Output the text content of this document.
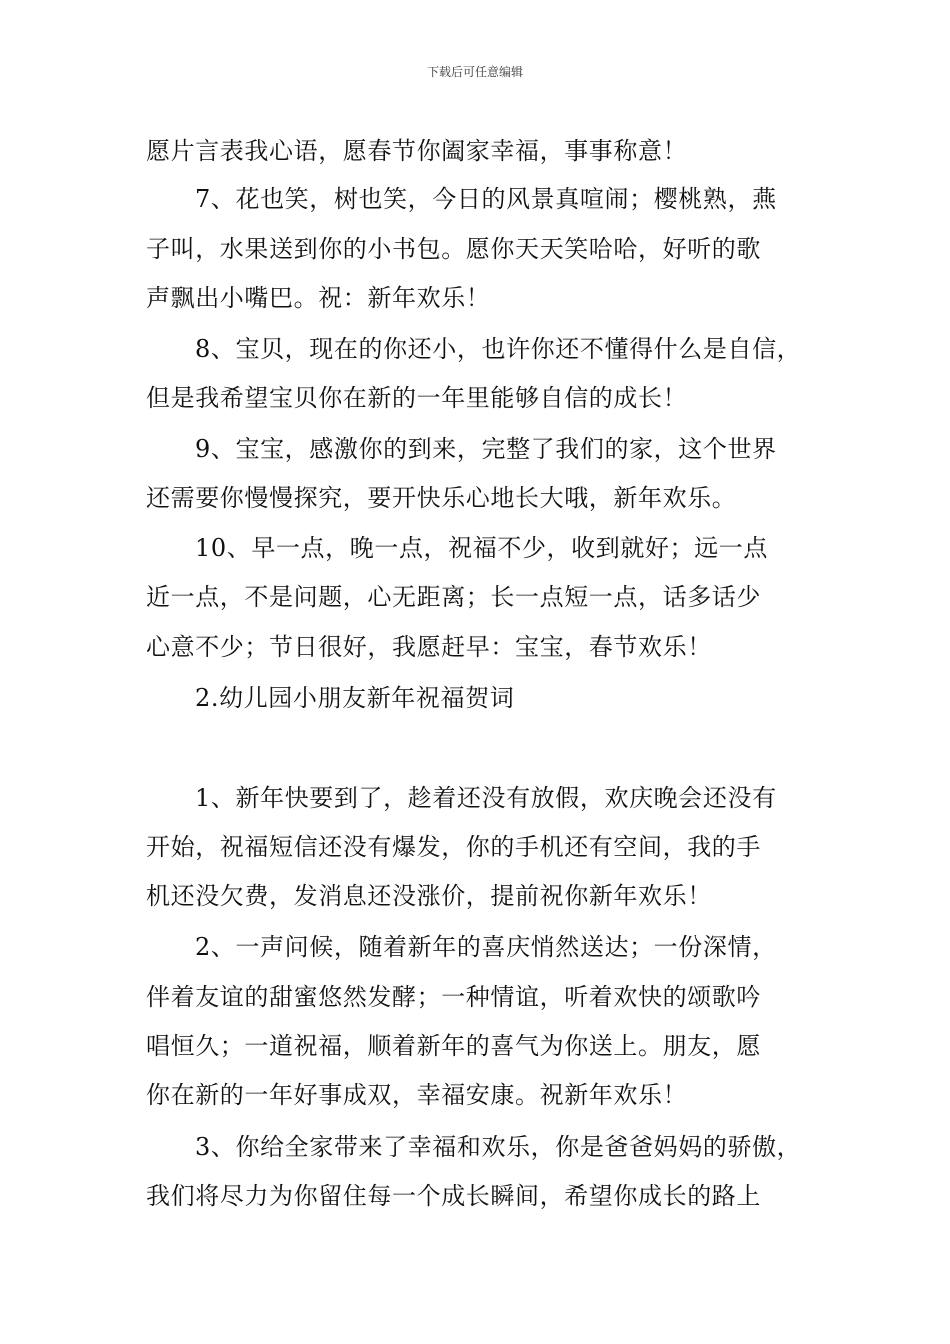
下载后可任意编辑
愿片言表我心语，愿春节你阖家幸福，事事称意！
7、花也笑，树也笑，今日的风景真喧闹；樱桃熟，燕
子叫，水果送到你的小书包。愿你天天笑哈哈，好听的歌
声飘出小嘴巴。祝：新年欢乐！
8、宝贝，现在的你还小，也许你还不懂得什么是自信，
但是我希望宝贝你在新的一年里能够自信的成长！
9、宝宝，感激你的到来，完整了我们的家，这个世界
还需要你慢慢探究，要开快乐心地长大哦，新年欢乐。
10、早一点，晚一点，祝福不少，收到就好；远一点
近一点，不是问题，心无距离；长一点短一点，话多话少
心意不少；节日很好，我愿赶早：宝宝，春节欢乐！
2.幼儿园小朋友新年祝福贺词
1、新年快要到了，趁着还没有放假，欢庆晚会还没有
开始，祝福短信还没有爆发，你的手机还有空间，我的手
机还没欠费，发消息还没涨价，提前祝你新年欢乐！
2、一声问候，随着新年的喜庆悄然送达；一份深情，
伴着友谊的甜蜜悠然发酵；一种情谊，听着欢快的颂歌吟
唱恒久；一道祝福，顺着新年的喜气为你送上。朋友，愿
你在新的一年好事成双，幸福安康。祝新年欢乐！
3、你给全家带来了幸福和欢乐，你是爸爸妈妈的骄傲，
我们将尽力为你留住每一个成长瞬间，希望你成长的路上
